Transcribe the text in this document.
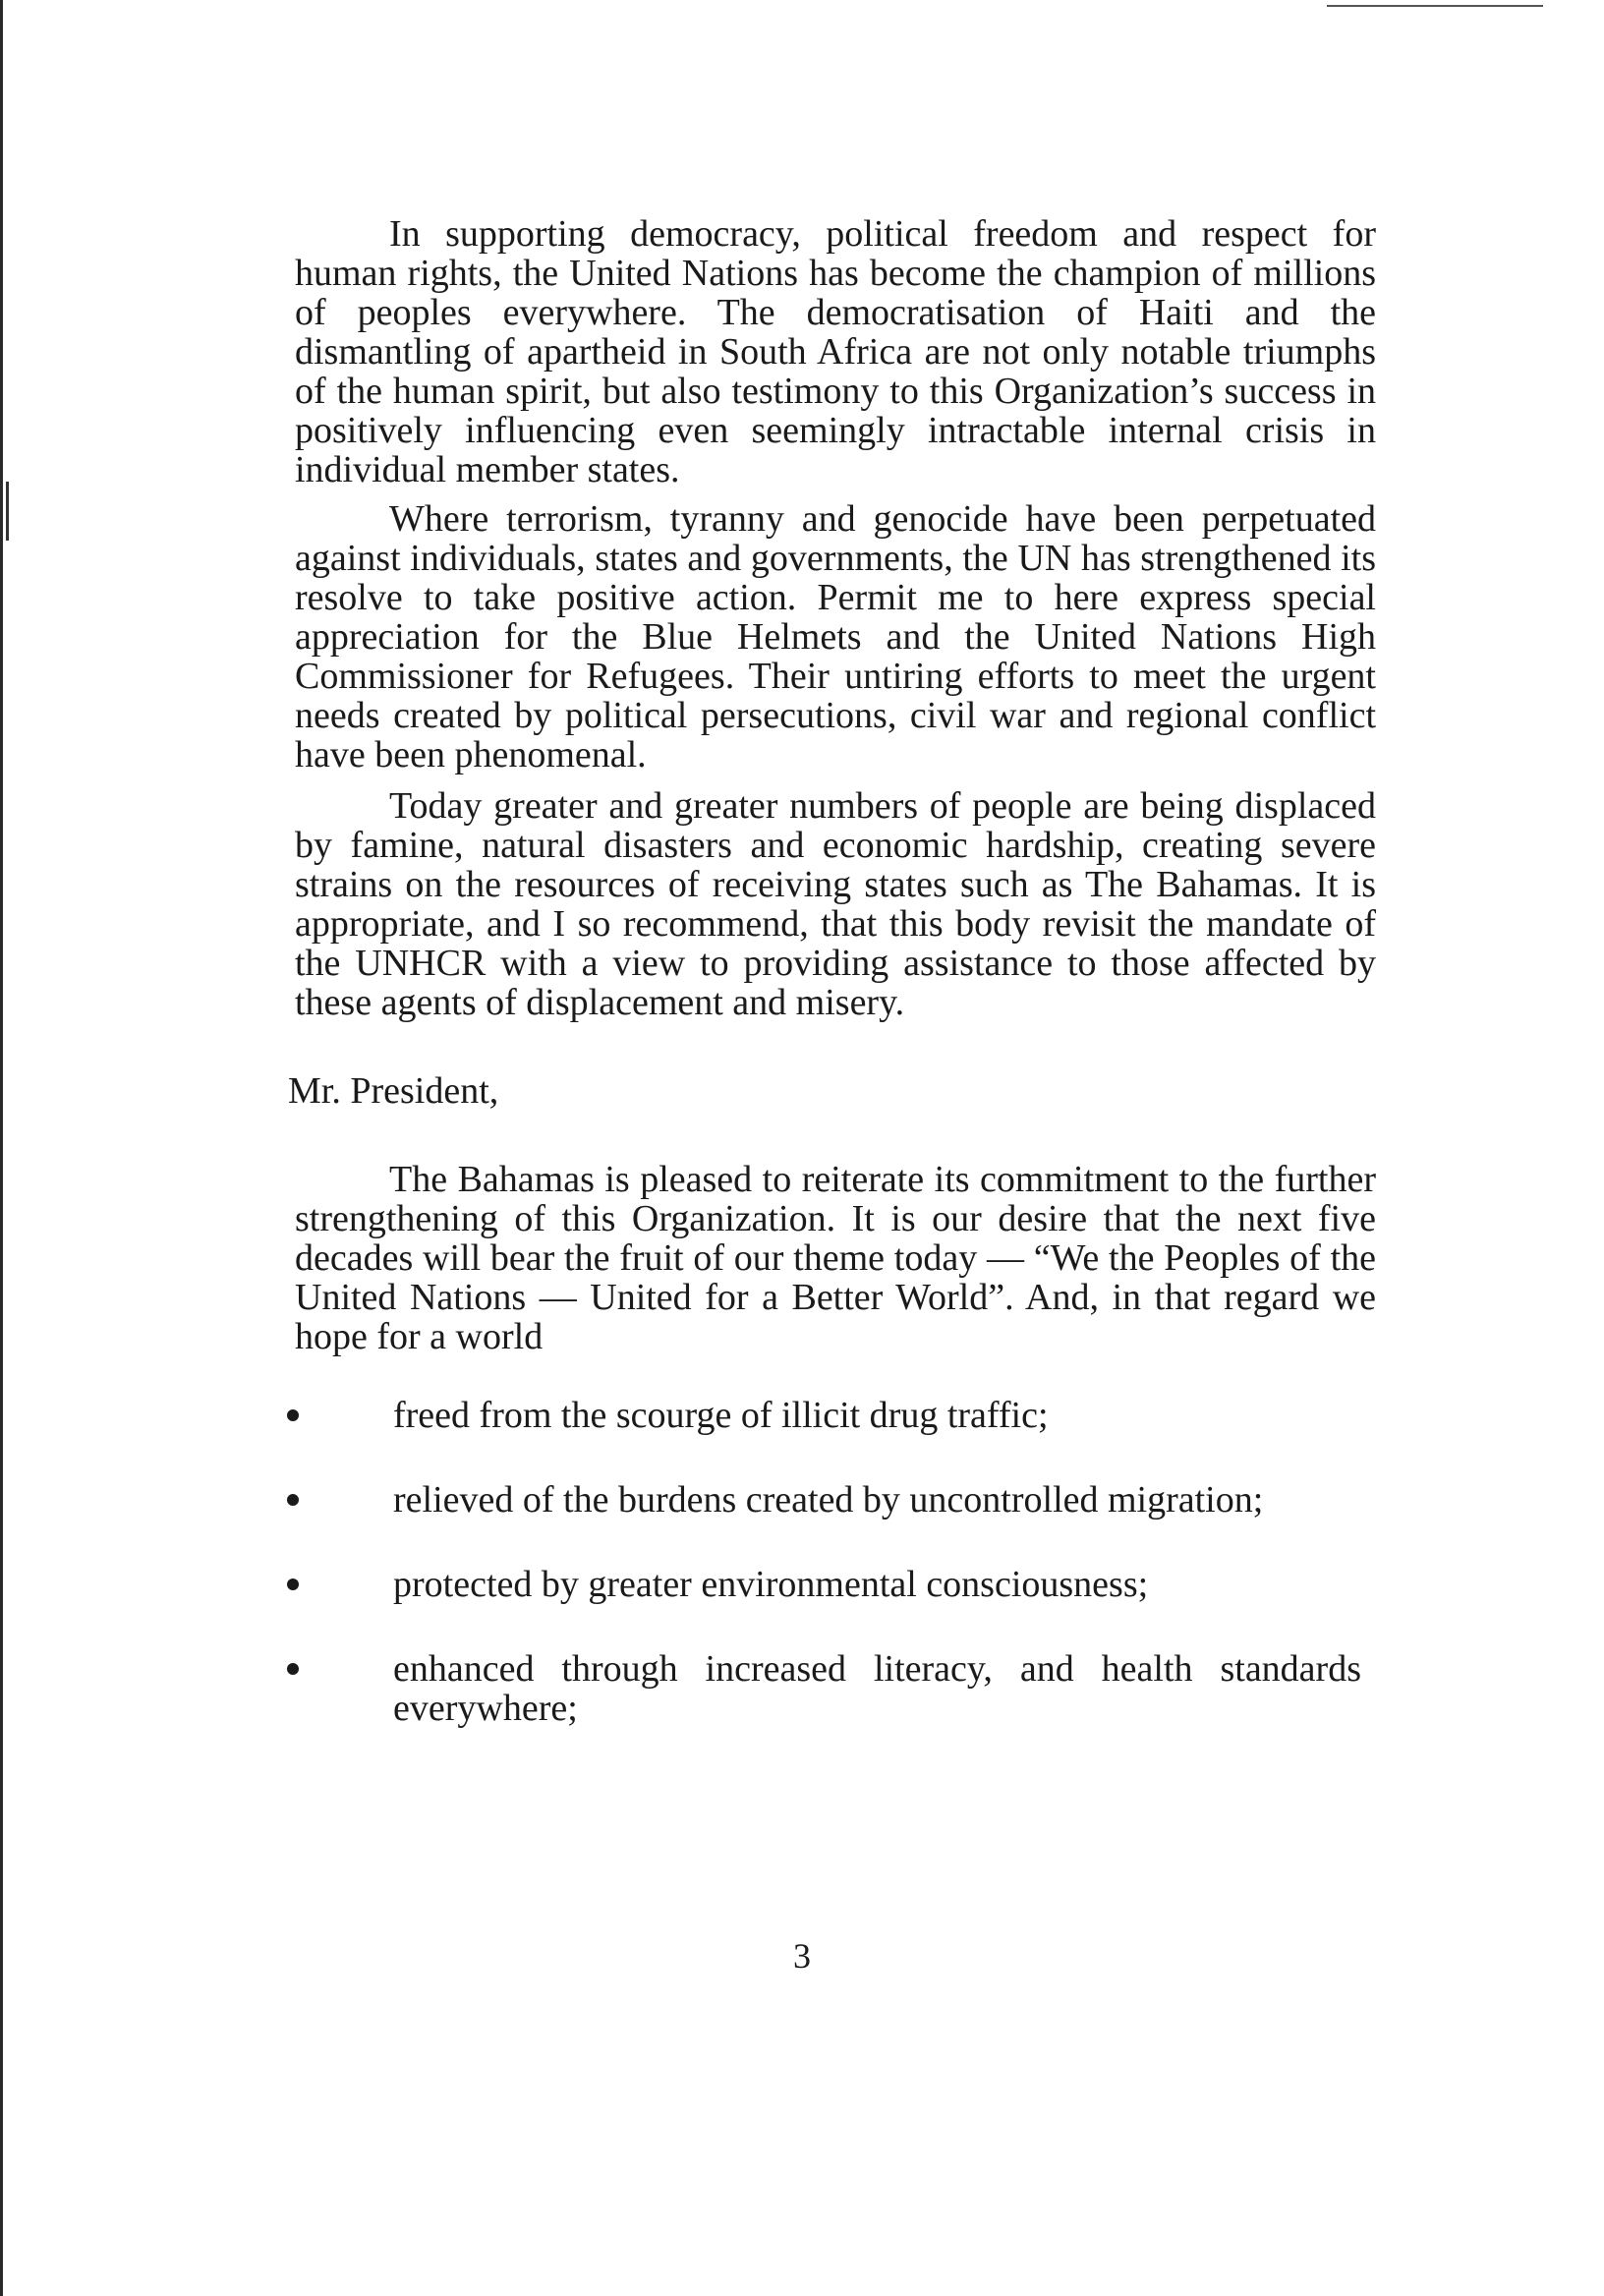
In supporting democracy, political freedom and respect for human rights, the United Nations has become the champion of millions of peoples everywhere. The democratisation of Haiti and the dismantling of apartheid in South Africa are not only notable triumphs of the human spirit, but also testimony to this Organization’s success in positively influencing even seemingly intractable internal crisis in individual member states.

Where terrorism, tyranny and genocide have been perpetuated against individuals, states and governments, the UN has strengthened its resolve to take positive action. Permit me to here express special appreciation for the Blue Helmets and the United Nations High Commissioner for Refugees. Their untiring efforts to meet the urgent needs created by political persecutions, civil war and regional conflict have been phenomenal.

Today greater and greater numbers of people are being displaced by famine, natural disasters and economic hardship, creating severe strains on the resources of receiving states such as The Bahamas. It is appropriate, and I so recommend, that this body revisit the mandate of the UNHCR with a view to providing assistance to those affected by these agents of displacement and misery.

Mr. President,

The Bahamas is pleased to reiterate its commitment to the further strengthening of this Organization. It is our desire that the next five decades will bear the fruit of our theme today — “We the Peoples of the United Nations — United for a Better World”. And, in that regard we hope for a world

freed from the scourge of illicit drug traffic;
relieved of the burdens created by uncontrolled migration;
protected by greater environmental consciousness;
enhanced through increased literacy, and health standards everywhere;
3
